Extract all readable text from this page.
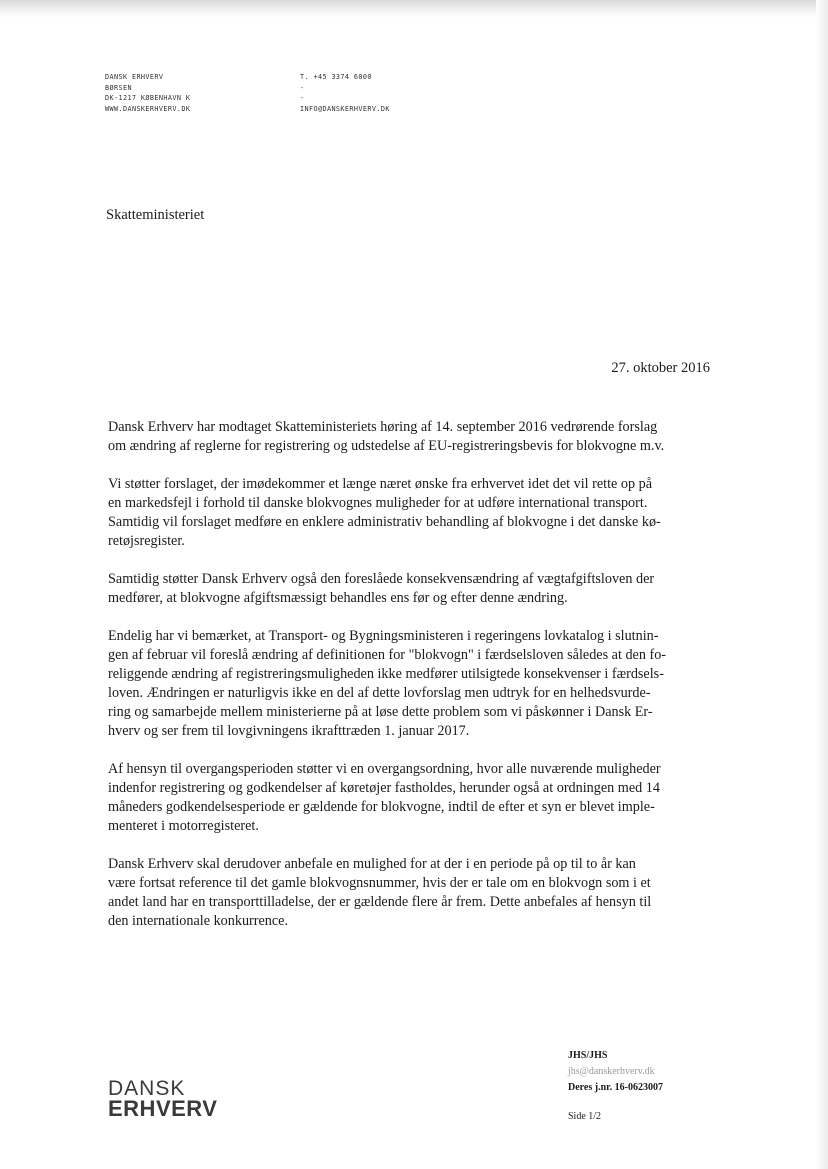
DANSK ERHVERV
BØRSEN
DK-1217 KØBENHAVN K
WWW.DANSKERHVERV.DK
T. +45 3374 6000
-
-
INFO@DANSKERHVERV.DK
Skatteministeriet
27. oktober 2016

Dansk Erhverv har modtaget Skatteministeriets høring af 14. september 2016 vedrørende forslag
om ændring af reglerne for registrering og udstedelse af EU-registreringsbevis for blokvogne m.v.

Vi støtter forslaget, der imødekommer et længe næret ønske fra erhvervet idet det vil rette op på
en markedsfejl i forhold til danske blokvognes muligheder for at udføre international transport.
Samtidig vil forslaget medføre en enklere administrativ behandling af blokvogne i det danske kø-
retøjsregister.

Samtidig støtter Dansk Erhverv også den foreslåede konsekvensændring af vægtafgiftsloven der
medfører, at blokvogne afgiftsmæssigt behandles ens før og efter denne ændring.

Endelig har vi bemærket, at Transport- og Bygningsministeren i regeringens lovkatalog i slutnin-
gen af februar vil foreslå ændring af definitionen for "blokvogn" i færdselsloven således at den fo-
religgende ændring af registreringsmuligheden ikke medfører utilsigtede konsekvenser i færdsels-
loven. Ændringen er naturligvis ikke en del af dette lovforslag men udtryk for en helhedsvurde-
ring og samarbejde mellem ministerierne på at løse dette problem som vi påskønner i Dansk Er-
hverv og ser frem til lovgivningens ikrafttræden 1. januar 2017.

Af hensyn til overgangsperioden støtter vi en overgangsordning, hvor alle nuværende muligheder
indenfor registrering og godkendelser af køretøjer fastholdes, herunder også at ordningen med 14
måneders godkendelsesperiode er gældende for blokvogne, indtil de efter et syn er blevet imple-
menteret i motorregisteret.

Dansk Erhverv skal derudover anbefale en mulighed for at der i en periode på op til to år kan
være fortsat reference til det gamle blokvognsnummer, hvis der er tale om en blokvogn som i et
andet land har en transporttilladelse, der er gældende flere år frem. Dette anbefales af hensyn til
den internationale konkurrence.

DANSK
ERHVERV
JHS/JHS
jhs@danskerhverv.dk
Deres j.nr. 16-0623007
Side 1/2
